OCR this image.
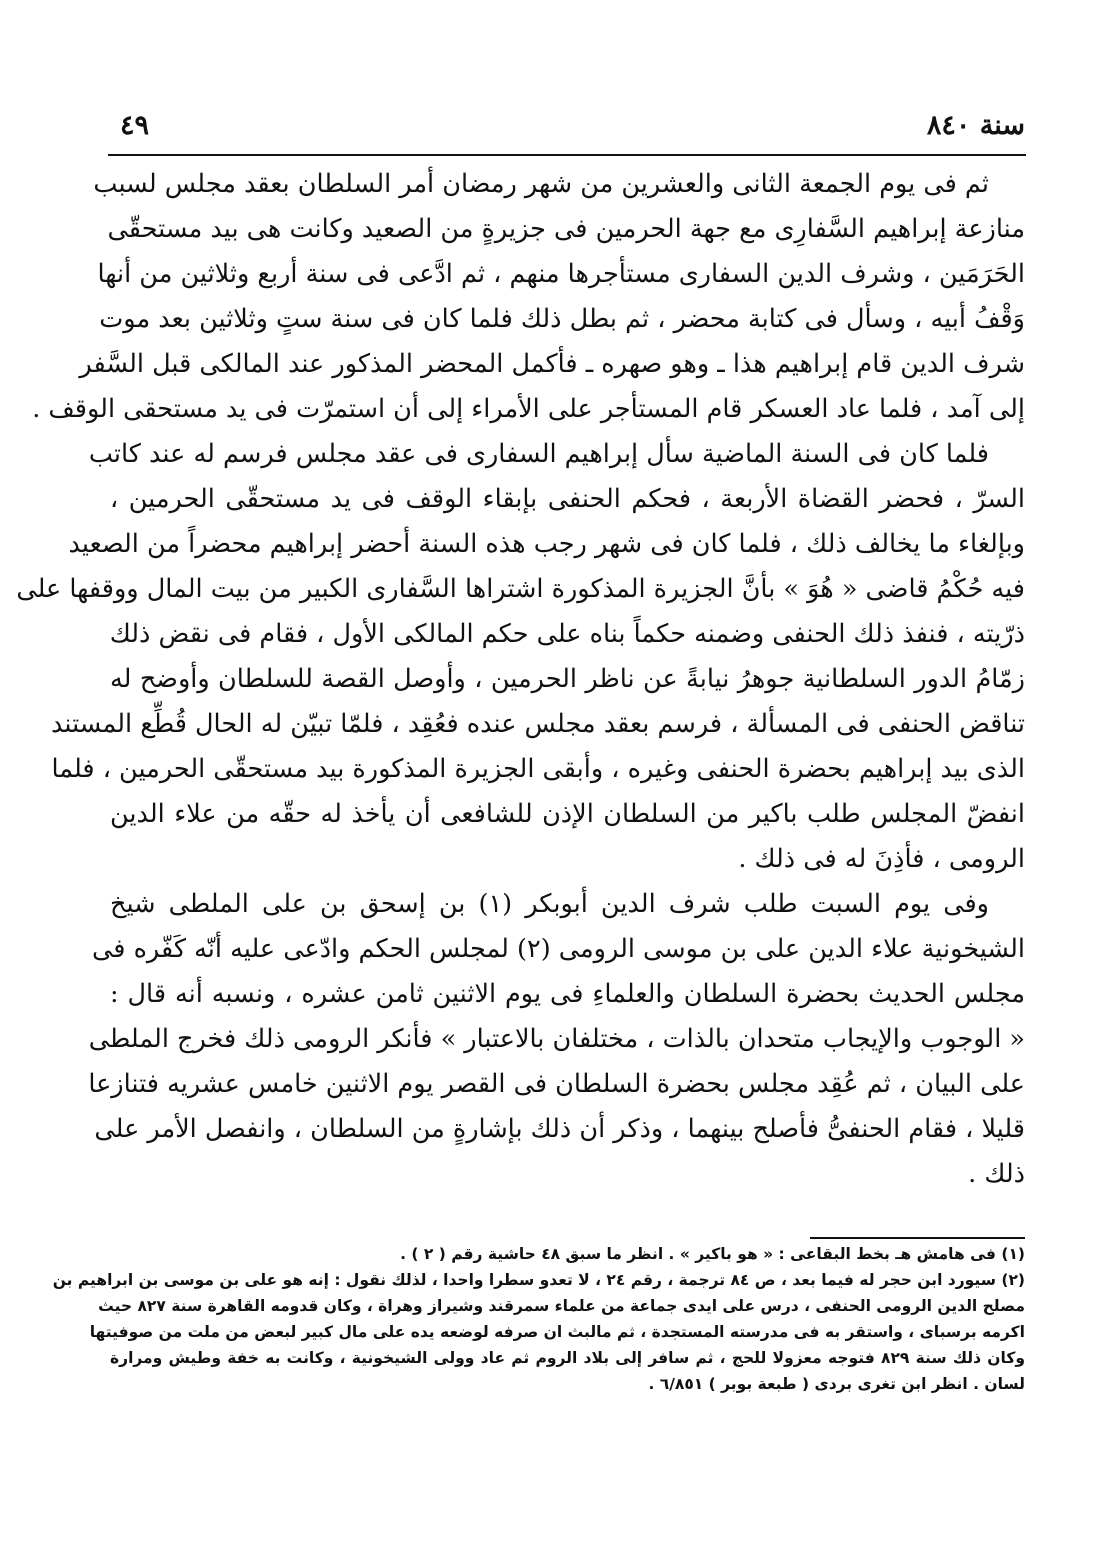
سنة ٨٤٠
٤٩
ثم فى يوم الجمعة الثانى والعشرين من شهر رمضان أمر السلطان بعقد مجلس لسبب
منازعة إبراهيم السَّفارِى مع جهة الحرمين فى جزيرةٍ من الصعيد وكانت هى بيد مستحقّى
الحَرَمَين ، وشرف الدين السفارى مستأجرها منهم ، ثم ادَّعى فى سنة أربع وثلاثين من أنها
وَقْفُ أبيه ، وسأل فى كتابة محضر ، ثم بطل ذلك فلما كان فى سنة ستٍ وثلاثين بعد موت
شرف الدين قام إبراهيم هذا ـ وهو صهره ـ فأكمل المحضر المذكور عند المالكى قبل السَّفر
إلى آمد ، فلما عاد العسكر قام المستأجر على الأمراء إلى أن استمرّت فى يد مستحقى الوقف .
فلما كان فى السنة الماضية سأل إبراهيم السفارى فى عقد مجلس فرسم له عند كاتب
السرّ ، فحضر القضاة الأربعة ، فحكم الحنفى بإبقاء الوقف فى يد مستحقّى الحرمين ،
وبإلغاء ما يخالف ذلك ، فلما كان فى شهر رجب هذه السنة أحضر إبراهيم محضراً من الصعيد
فيه حُكْمُ قاضى « هُوَ » بأنَّ الجزيرة المذكورة اشتراها السَّفارى الكبير من بيت المال ووقفها على
ذرّيته ، فنفذ ذلك الحنفى وضمنه حكماً بناه على حكم المالكى الأول ، فقام فى نقض ذلك
زمّامُ الدور السلطانية جوهرُ نيابةً عن ناظر الحرمين ، وأوصل القصة للسلطان وأوضح له
تناقض الحنفى فى المسألة ، فرسم بعقد مجلس عنده فعُقِد ، فلمّا تبيّن له الحال قُطِّع المستند
الذى بيد إبراهيم بحضرة الحنفى وغيره ، وأبقى الجزيرة المذكورة بيد مستحقّى الحرمين ، فلما
انفضّ المجلس طلب باكير من السلطان الإذن للشافعى أن يأخذ له حقّه من علاء الدين
الرومى ، فأذِنَ له فى ذلك .
وفى يوم السبت طلب شرف الدين أبوبكر (١) بن إسحق بن على الملطى شيخ
الشيخونية علاء الدين على بن موسى الرومى (٢) لمجلس الحكم وادّعى عليه أنّه كَفّره فى
مجلس الحديث بحضرة السلطان والعلماءِ فى يوم الاثنين ثامن عشره ، ونسبه أنه قال :
« الوجوب والإيجاب متحدان بالذات ، مختلفان بالاعتبار » فأنكر الرومى ذلك فخرج الملطى
على البيان ، ثم عُقِد مجلس بحضرة السلطان فى القصر يوم الاثنين خامس عشريه فتنازعا
قليلا ، فقام الحنفىُّ فأصلح بينهما ، وذكر أن ذلك بإشارةٍ من السلطان ، وانفصل الأمر على
ذلك .
(١) فى هامش هـ بخط البقاعى : « هو باكير » . انظر ما سبق ٤٨ حاشية رقم ( ٢ ) .
(٢) سيورد ابن حجر له فيما بعد ، ص ٨٤ ترجمة ، رقم ٢٤ ، لا تعدو سطرا واحدا ، لذلك نقول : إنه هو على بن موسى بن ابراهيم بن
مصلح الدين الرومى الحنفى ، درس على ايدى جماعة من علماء سمرقند وشيراز وهراة ، وكان قدومه القاهرة سنة ٨٢٧ حيث
اكرمه برسباى ، واستقر به فى مدرسته المستجدة ، ثم مالبث ان صرفه لوضعه يده على مال كبير لبعض من ملت من صوفيتها
وكان ذلك سنة ٨٢٩ فتوجه معزولا للحج ، ثم سافر إلى بلاد الروم ثم عاد وولى الشيخونية ، وكانت به خفة وطيش ومرارة
لسان . انظر ابن تغرى بردى ( طبعة بوبر ) ٦/٨٥١ .
